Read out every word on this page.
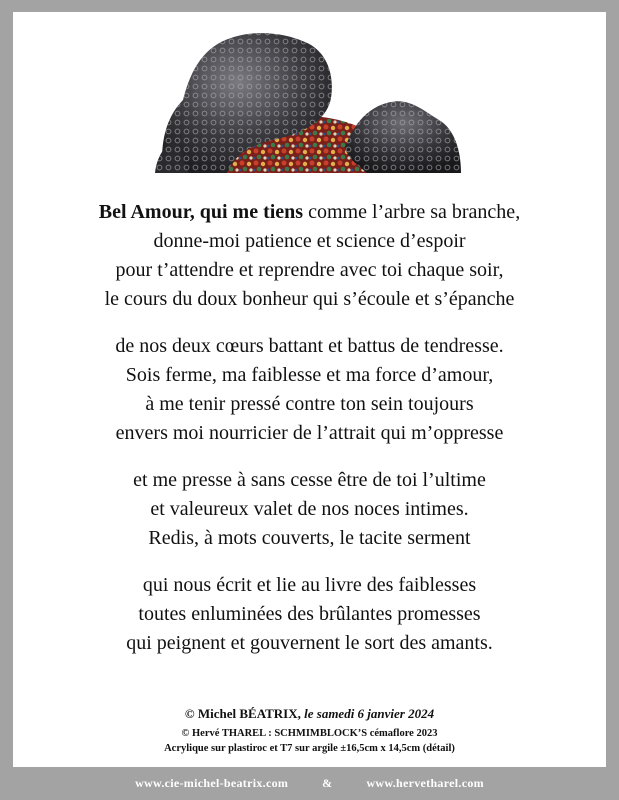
Bel Amour, qui me tiens comme l’arbre sa branche,
donne-moi patience et science d’espoir
pour t’attendre et reprendre avec toi chaque soir,
le cours du doux bonheur qui s’écoule et s’épanche
de nos deux cœurs battant et battus de tendresse.
Sois ferme, ma faiblesse et ma force d’amour,
à me tenir pressé contre ton sein toujours
envers moi nourricier de l’attrait qui m’oppresse
et me presse à sans cesse être de toi l’ultime
et valeureux valet de nos noces intimes.
Redis, à mots couverts, le tacite serment
qui nous écrit et lie au livre des faiblesses
toutes enluminées des brûlantes promesses
qui peignent et gouvernent le sort des amants.
© Michel BÉATRIX, le samedi 6 janvier 2024
© Hervé THAREL : SCHMIMBLOCK’S cémaflore 2023
Acrylique sur plastiroc et T7 sur argile ±16,5cm x 14,5cm (détail)
www.cie-michel-beatrix.com	&	www.hervetharel.com
